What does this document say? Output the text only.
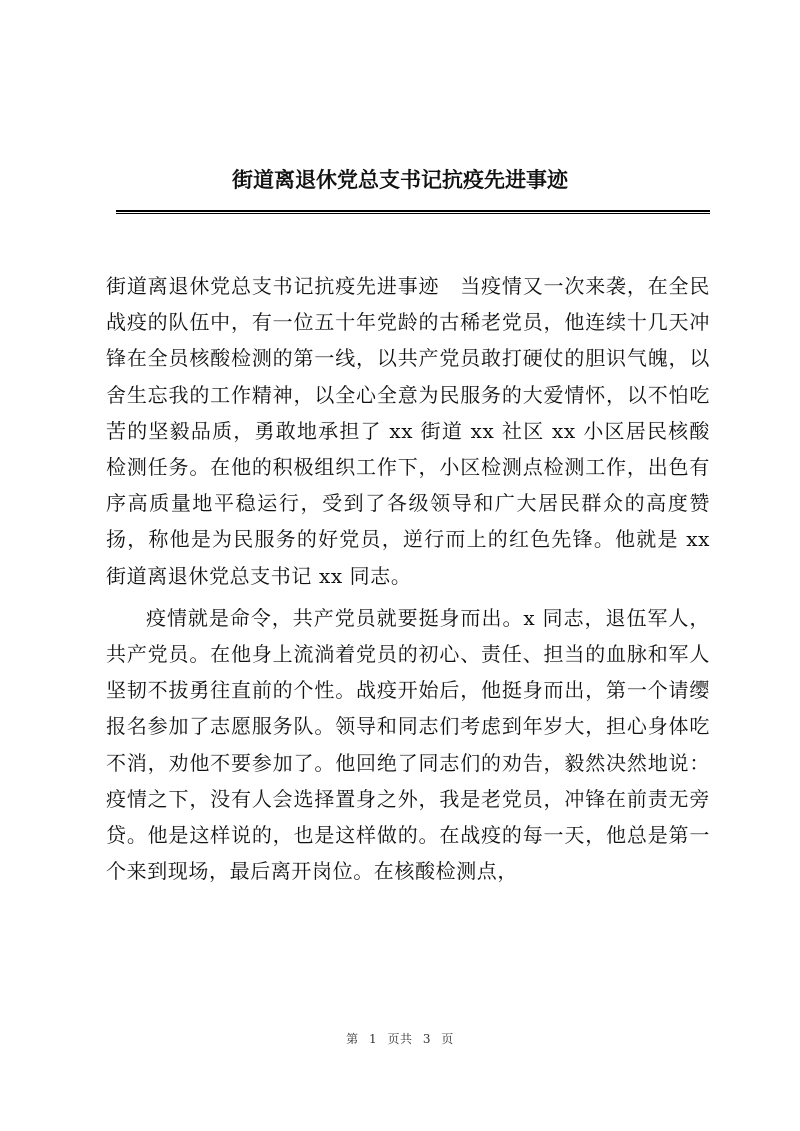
街道离退休党总支书记抗疫先进事迹

街道离退休党总支书记抗疫先进事迹　当疫情又一次来袭，在全民战疫的队伍中，有一位五十年党龄的古稀老党员，他连续十几天冲锋在全员核酸检测的第一线，以共产党员敢打硬仗的胆识气魄，以舍生忘我的工作精神，以全心全意为民服务的大爱情怀，以不怕吃苦的坚毅品质，勇敢地承担了 xx 街道 xx 社区 xx 小区居民核酸检测任务。在他的积极组织工作下，小区检测点检测工作，出色有序高质量地平稳运行，受到了各级领导和广大居民群众的高度赞扬，称他是为民服务的好党员，逆行而上的红色先锋。他就是 xx 街道离退休党总支书记 xx 同志。

疫情就是命令，共产党员就要挺身而出。x 同志，退伍军人，共产党员。在他身上流淌着党员的初心、责任、担当的血脉和军人坚韧不拔勇往直前的个性。战疫开始后，他挺身而出，第一个请缨报名参加了志愿服务队。领导和同志们考虑到年岁大，担心身体吃不消，劝他不要参加了。他回绝了同志们的劝告，毅然决然地说：疫情之下，没有人会选择置身之外，我是老党员，冲锋在前责无旁贷。他是这样说的，也是这样做的。在战疫的每一天，他总是第一个来到现场，最后离开岗位。在核酸检测点，

第 1 页共 3 页
